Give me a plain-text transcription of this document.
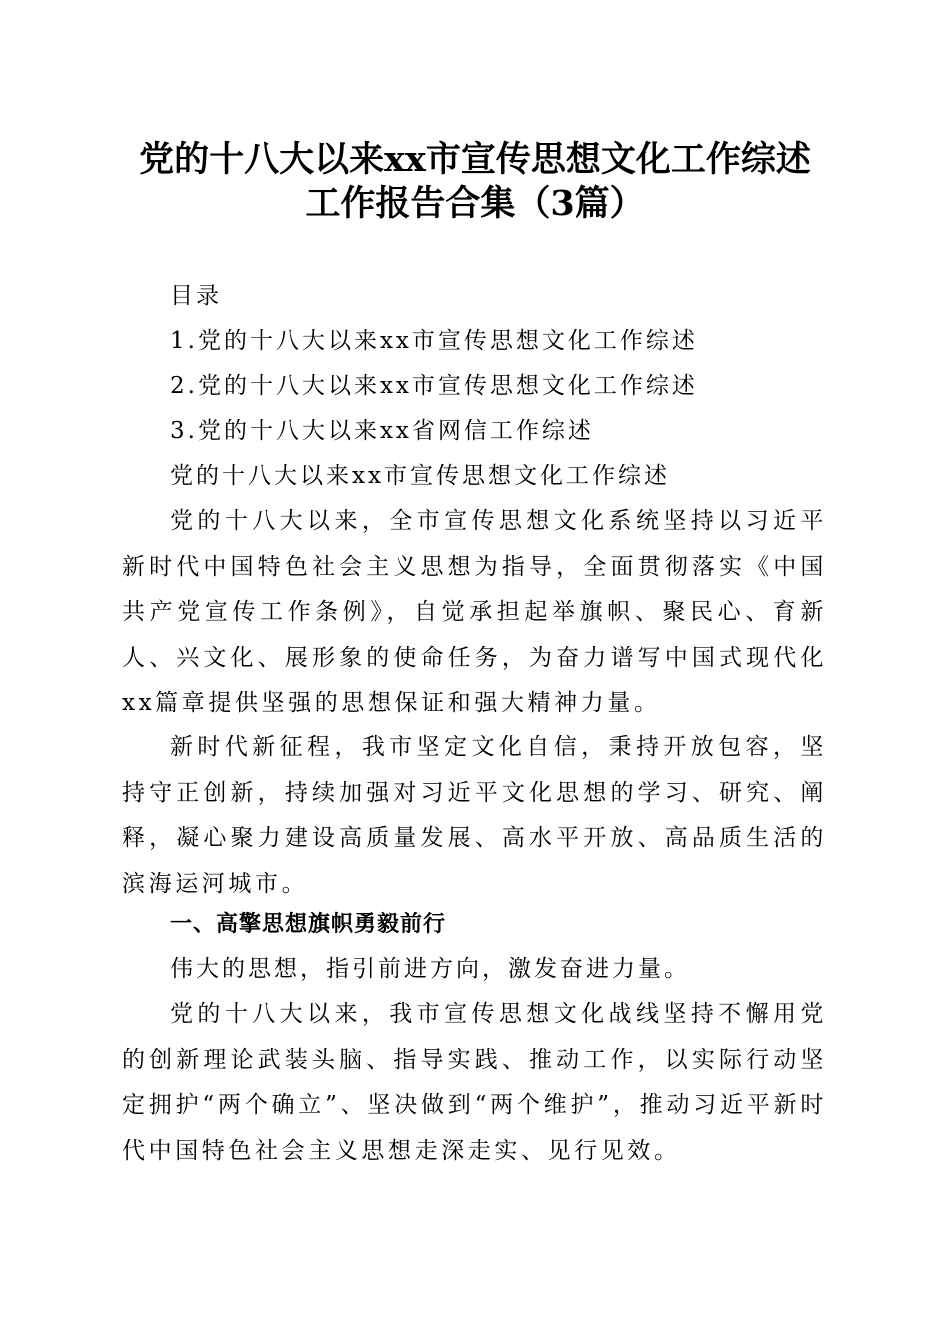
党的十八大以来xx市宣传思想文化工作综述
工作报告合集（3篇）
目录
1.党的十八大以来xx市宣传思想文化工作综述
2.党的十八大以来xx市宣传思想文化工作综述
3.党的十八大以来xx省网信工作综述
党的十八大以来xx市宣传思想文化工作综述
党的十八大以来，全市宣传思想文化系统坚持以习近平新时代中国特色社会主义思想为指导，全面贯彻落实《中国共产党宣传工作条例》，自觉承担起举旗帜、聚民心、育新人、兴文化、展形象的使命任务，为奋力谱写中国式现代化xx篇章提供坚强的思想保证和强大精神力量。
新时代新征程，我市坚定文化自信，秉持开放包容，坚持守正创新，持续加强对习近平文化思想的学习、研究、阐释，凝心聚力建设高质量发展、高水平开放、高品质生活的滨海运河城市。
一、高擎思想旗帜勇毅前行
伟大的思想，指引前进方向，激发奋进力量。
党的十八大以来，我市宣传思想文化战线坚持不懈用党的创新理论武装头脑、指导实践、推动工作，以实际行动坚定拥护“两个确立”、坚决做到“两个维护”，推动习近平新时代中国特色社会主义思想走深走实、见行见效。
